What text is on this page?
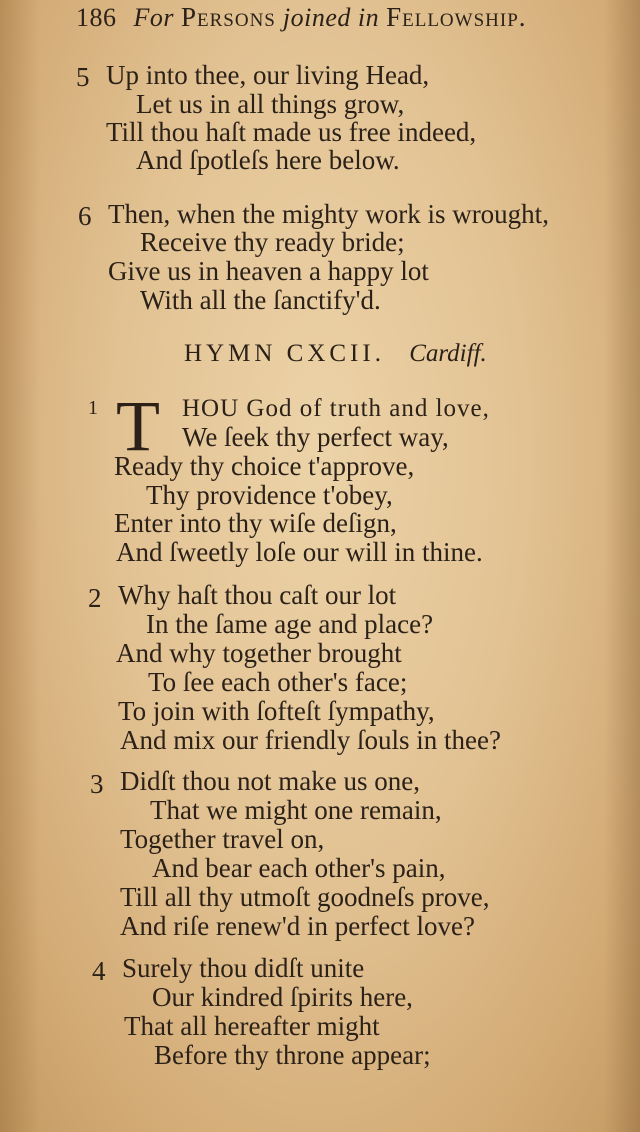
186 For Persons joined in Fellowship.
5 Up into thee, our living Head,
Let us in all things grow,
Till thou haſt made us free indeed,
And ſpotleſs here below.
6 Then, when the mighty work is wrought,
Receive thy ready bride;
Give us in heaven a happy lot
With all the ſanctify'd.
HYMN CXCII. Cardiff.
1 T HOU God of truth and love,
We ſeek thy perfect way,
Ready thy choice t'approve,
Thy providence t'obey,
Enter into thy wiſe deſign,
And ſweetly loſe our will in thine.
2 Why haſt thou caſt our lot
In the ſame age and place?
And why together brought
To ſee each other's face;
To join with ſofteſt ſympathy,
And mix our friendly ſouls in thee?
3 Didſt thou not make us one,
That we might one remain,
Together travel on,
And bear each other's pain,
Till all thy utmoſt goodneſs prove,
And riſe renew'd in perfect love?
4 Surely thou didſt unite
Our kindred ſpirits here,
That all hereafter might
Before thy throne appear;
